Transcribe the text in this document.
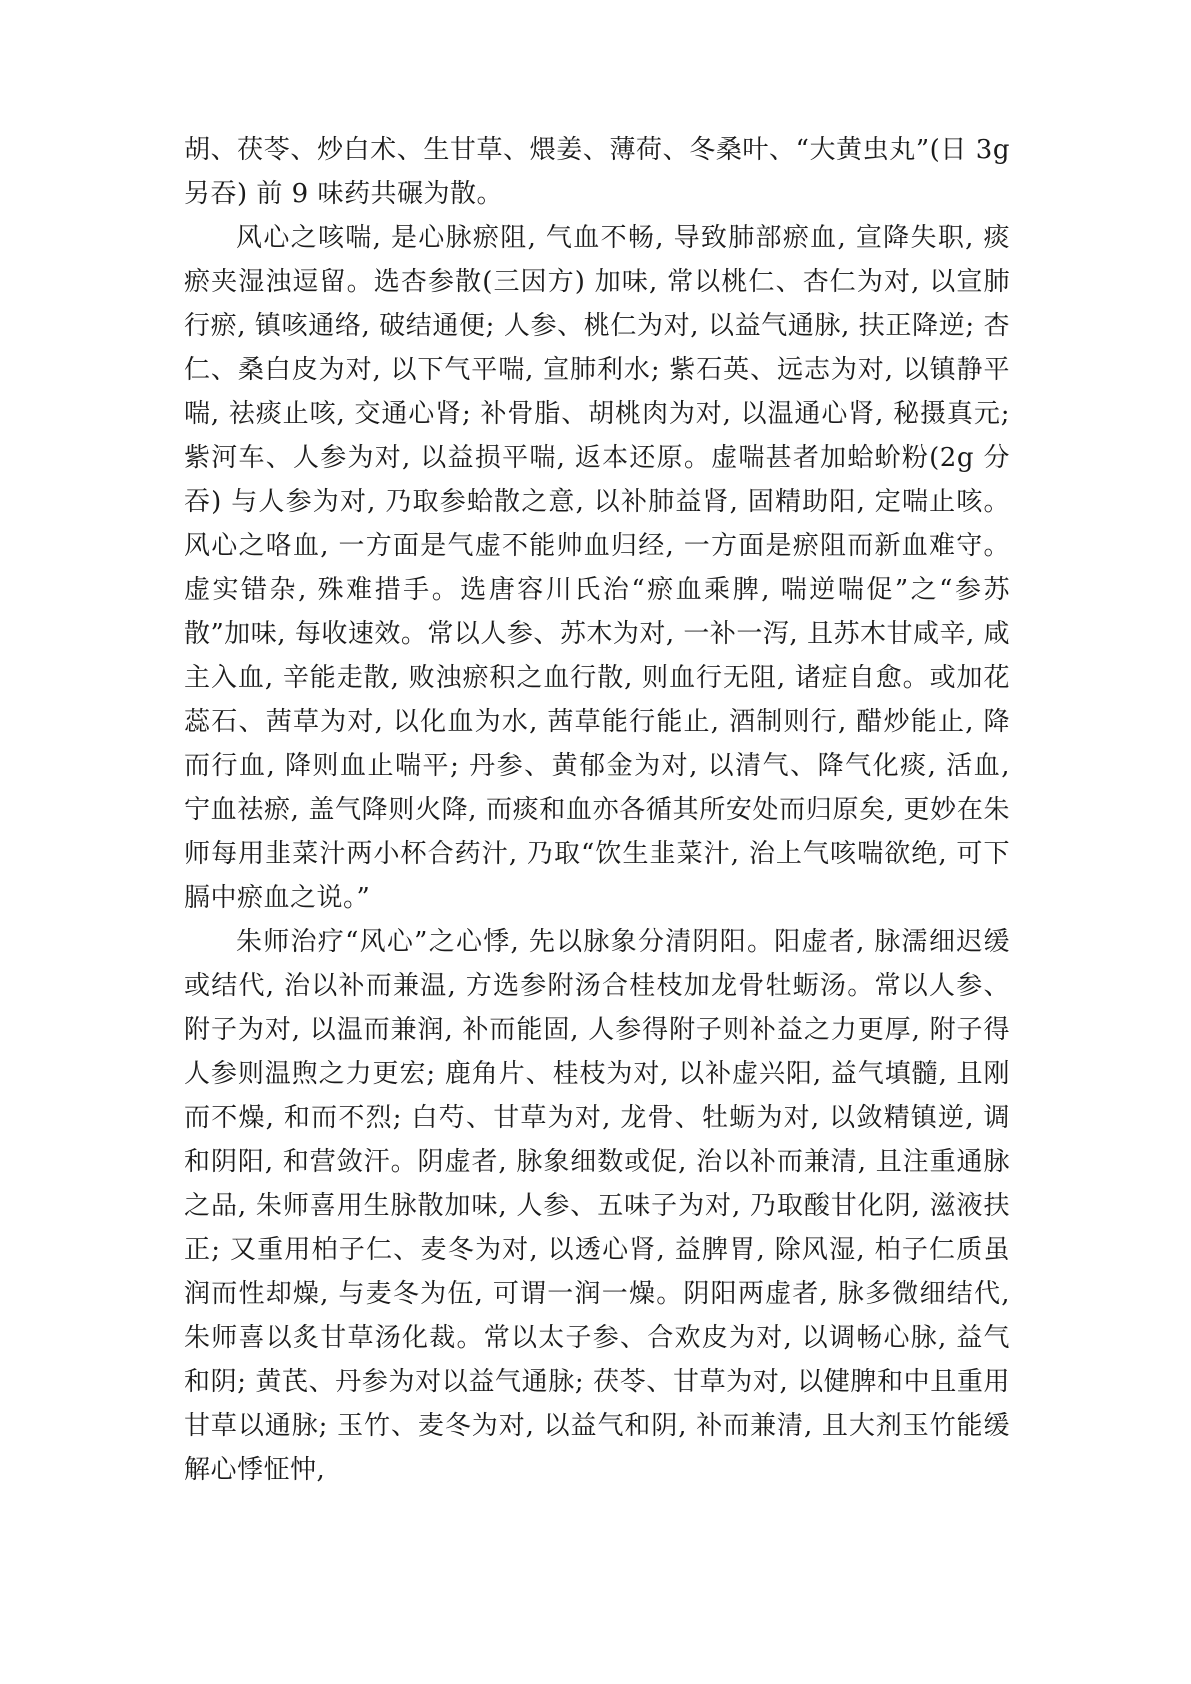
胡、茯苓、炒白术、生甘草、煨姜、薄荷、冬桑叶、“大黄虫丸”(日 3g 另吞) 前 9 味药共碾为散。

风心之咳喘, 是心脉瘀阻, 气血不畅, 导致肺部瘀血, 宣降失职, 痰瘀夹湿浊逗留。选杏参散(三因方) 加味, 常以桃仁、杏仁为对, 以宣肺行瘀, 镇咳通络, 破结通便; 人参、桃仁为对, 以益气通脉, 扶正降逆; 杏仁、桑白皮为对, 以下气平喘, 宣肺利水; 紫石英、远志为对, 以镇静平喘, 祛痰止咳, 交通心肾; 补骨脂、胡桃肉为对, 以温通心肾, 秘摄真元; 紫河车、人参为对, 以益损平喘, 返本还原。虚喘甚者加蛤蚧粉(2g 分吞) 与人参为对, 乃取参蛤散之意, 以补肺益肾, 固精助阳, 定喘止咳。风心之咯血, 一方面是气虚不能帅血归经, 一方面是瘀阻而新血难守。虚实错杂, 殊难措手。选唐容川氏治“瘀血乘脾, 喘逆喘促”之“参苏散”加味, 每收速效。常以人参、苏木为对, 一补一泻, 且苏木甘咸辛, 咸主入血, 辛能走散, 败浊瘀积之血行散, 则血行无阻, 诸症自愈。或加花蕊石、茜草为对, 以化血为水, 茜草能行能止, 酒制则行, 醋炒能止, 降而行血, 降则血止喘平; 丹参、黄郁金为对, 以清气、降气化痰, 活血, 宁血祛瘀, 盖气降则火降, 而痰和血亦各循其所安处而归原矣, 更妙在朱师每用韭菜汁两小杯合药汁, 乃取“饮生韭菜汁, 治上气咳喘欲绝, 可下膈中瘀血之说。”

朱师治疗“风心”之心悸, 先以脉象分清阴阳。阳虚者, 脉濡细迟缓或结代, 治以补而兼温, 方选参附汤合桂枝加龙骨牡蛎汤。常以人参、附子为对, 以温而兼润, 补而能固, 人参得附子则补益之力更厚, 附子得人参则温煦之力更宏; 鹿角片、桂枝为对, 以补虚兴阳, 益气填髓, 且刚而不燥, 和而不烈; 白芍、甘草为对, 龙骨、牡蛎为对, 以敛精镇逆, 调和阴阳, 和营敛汗。阴虚者, 脉象细数或促, 治以补而兼清, 且注重通脉之品, 朱师喜用生脉散加味, 人参、五味子为对, 乃取酸甘化阴, 滋液扶正; 又重用柏子仁、麦冬为对, 以透心肾, 益脾胃, 除风湿, 柏子仁质虽润而性却燥, 与麦冬为伍, 可谓一润一燥。阴阳两虚者, 脉多微细结代, 朱师喜以炙甘草汤化裁。常以太子参、合欢皮为对, 以调畅心脉, 益气和阴; 黄芪、丹参为对以益气通脉; 茯苓、甘草为对, 以健脾和中且重用甘草以通脉; 玉竹、麦冬为对, 以益气和阴, 补而兼清, 且大剂玉竹能缓解心悸怔忡,
